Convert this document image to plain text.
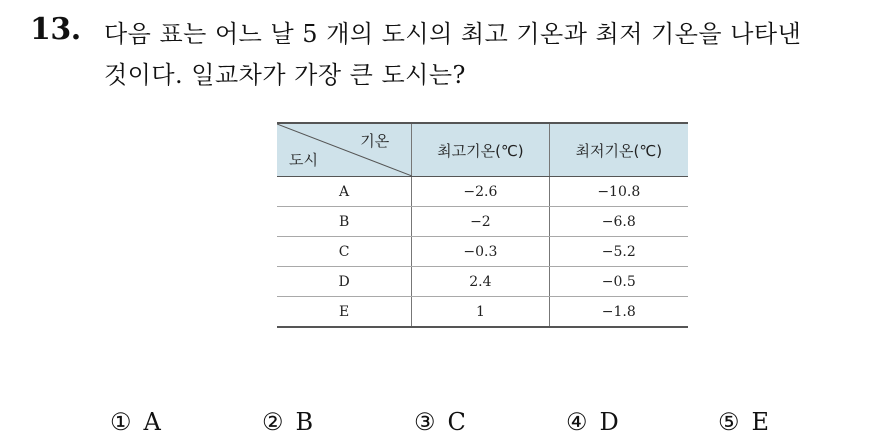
13. 다음 표는 어느 날 5 개의 도시의 최고 기온과 최저 기온을 나타낸
것이다. 일교차가 가장 큰 도시는?
기온
도시	최고기온(℃)	최저기온(℃)
A	−2.6	−10.8
B	−2	−6.8
C	−0.3	−5.2
D	2.4	−0.5
E	1	−1.8
① A	② B	③ C	④ D	⑤ E
